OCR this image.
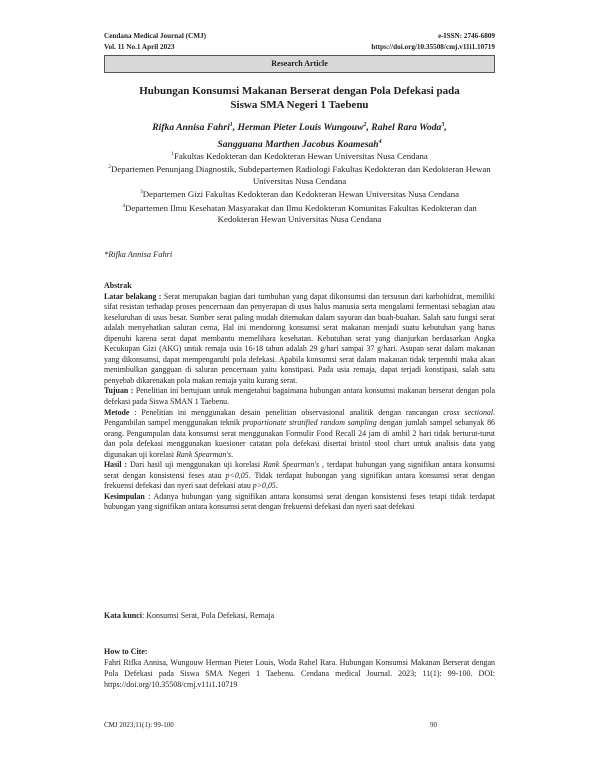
Cendana Medical Journal (CMJ)
Vol. 11 No.1 April 2023
e-ISSN: 2746-6809
https://doi.org/10.35508/cmj.v11i1.10719
Research Article
Hubungan Konsumsi Makanan Berserat dengan Pola Defekasi pada
Siswa SMA Negeri 1 Taebenu
Rifka Annisa Fahri$^1$, Herman Pieter Louis Wungouw$^2$, Rahel Rara Woda$^3$,
Sangguana Marthen Jacobus Koamesah$^4$
$^1$Fakultas Kedokteran dan Kedokteran Hewan Universitas Nusa Cendana
$^2$Departemen Penunjang Diagnostik, Subdepartemen Radiologi Fakultas Kedokteran dan Kedokteran Hewan Universitas Nusa Cendana
$^3$Departemen Gizi Fakultas Kedokteran dan Kedokteran Hewan Universitas Nusa Cendana
$^4$Departemen Ilmu Kesehatan Masyarakat dan Ilmu Kedokteran Komunitas Fakultas Kedokteran dan Kedokteran Hewan Universitas Nusa Cendana
*Rifka Annisa Fahri
Abstrak

Latar belakang : Serat merupakan bagian dari tumbuhan yang dapat dikonsumsi dan tersusun dari karbohidrat, memiliki sifat resistan terhadap proses pencernaan dan penyerapan di usus halus manusia serta mengalami fermentasi sebagian atau keseluruhan di usus besar. Sumber serat paling mudah ditemukan dalam sayuran dan buah-buahan. Salah satu fungsi serat adalah menyehatkan saluran cerna, Hal ini mendorong konsumsi serat makanan menjadi suatu kebutuhan yang harus dipenuhi karena serat dapat membantu memelihara kesehatan. Kebutuhan serat yang dianjurkan berdasarkan Angka Kecukupan Gizi (AKG) untuk remaja usia 16-18 tahun adalah 29 g/hari sampai 37 g/hari. Asupan serat dalam makanan yang dikonsumsi, dapat mempengaruhi pola defekasi. Apabila konsumsi serat dalam makanan tidak terpenuhi maka akan menimbulkan gangguan di saluran pencernaan yaitu konstipasi. Pada usia remaja, dapat terjadi konstipasi, salah satu penyebab dikarenakan pola makan remaja yaitu kurang serat.

Tujuan : Penelitian ini bertujuan untuk mengetahui bagaimana hubungan antara konsumsi makanan berserat dengan pola defekasi pada Siswa SMAN 1 Taebenu.

Metode : Penelitian ini menggunakan desain penelitian observasional analitik dengan rancangan cross sectional. Pengambilan sampel menggunakan teknik proportionate stratified random sampling dengan jumlah sampel sebanyak 86 orang. Pengumpulan data konsumsi serat menggunakan Formulir Food Recall 24 jam di ambil 2 hari tidak berturut-turut dan pola defekasi menggunakan kuesioner catatan pola defekasi disertai bristol stool chart untuk analisis data yang digunakan uji korelasi Rank Spearman's.

Hasil : Dari hasil uji menggunakan uji korelasi Rank Spearman's , terdapat hubungan yang signifikan antara konsumsi serat dengan konsistensi feses atau p<0,05. Tidak terdapat hubungan yang signifikan antara konsumsi serat dengan frekuensi defekasi dan nyeri saat defekasi atau p>0,05.

Kesimpulan : Adanya hubungan yang signifikan antara konsumsi serat dengan konsistensi feses tetapi tidak terdapat hubungan yang signifikan antara konsumsi serat dengan frekuensi defekasi dan nyeri saat defekasi

Kata kunci: Konsumsi Serat, Pola Defekasi, Remaja
How to Cite:
Fahri Rifka Annisa, Wungouw Herman Pieter Louis, Woda Rahel Rara. Hubungan Konsumsi Makanan Berserat dengan Pola Defekasi pada Siswa SMA Negeri 1 Taebenu. Cendana medical Journal. 2023; 11(1): 99-100. DOI: https://doi.org/10.35508/cmj.v11i1.10719
CMJ 2023;11(1): 99-100	90
